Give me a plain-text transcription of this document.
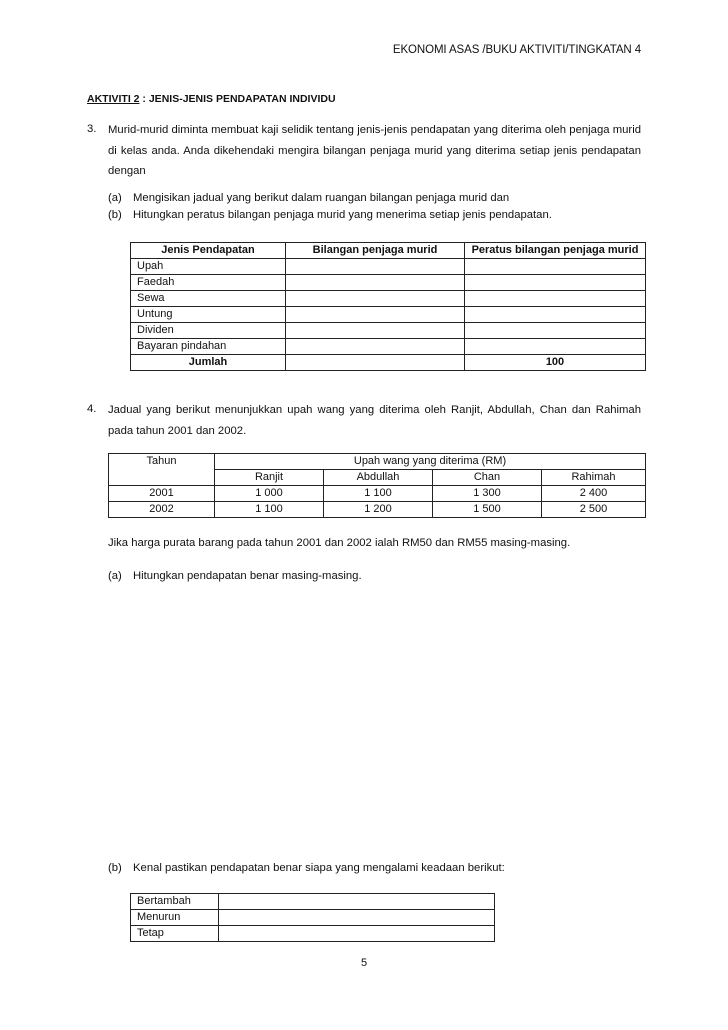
EKONOMI ASAS /BUKU AKTIVITI/TINGKATAN 4
AKTIVITI 2 : JENIS-JENIS PENDAPATAN INDIVIDU
3. Murid-murid diminta membuat kaji selidik tentang jenis-jenis pendapatan yang diterima oleh penjaga murid di kelas anda. Anda dikehendaki mengira bilangan penjaga murid yang diterima setiap jenis pendapatan dengan
(a) Mengisikan jadual yang berikut dalam ruangan bilangan penjaga murid dan
(b) Hitungkan peratus bilangan penjaga murid yang menerima setiap jenis pendapatan.
Jenis Pendapatan	Bilangan penjaga murid	Peratus bilangan penjaga murid
Upah		
Faedah		
Sewa		
Untung		
Dividen		
Bayaran pindahan		
Jumlah		100
4. Jadual yang berikut menunjukkan upah wang yang diterima oleh Ranjit, Abdullah, Chan dan Rahimah pada tahun 2001 dan 2002.
Tahun	Upah wang yang diterima (RM)			
	Ranjit	Abdullah	Chan	Rahimah
2001	1 000	1 100	1 300	2 400
2002	1 100	1 200	1 500	2 500
Jika harga purata barang pada tahun 2001 dan 2002 ialah RM50 dan RM55 masing-masing.
(a) Hitungkan pendapatan benar masing-masing.
(b) Kenal pastikan pendapatan benar siapa yang mengalami keadaan berikut:
Bertambah	
Menurun	
Tetap	
5
